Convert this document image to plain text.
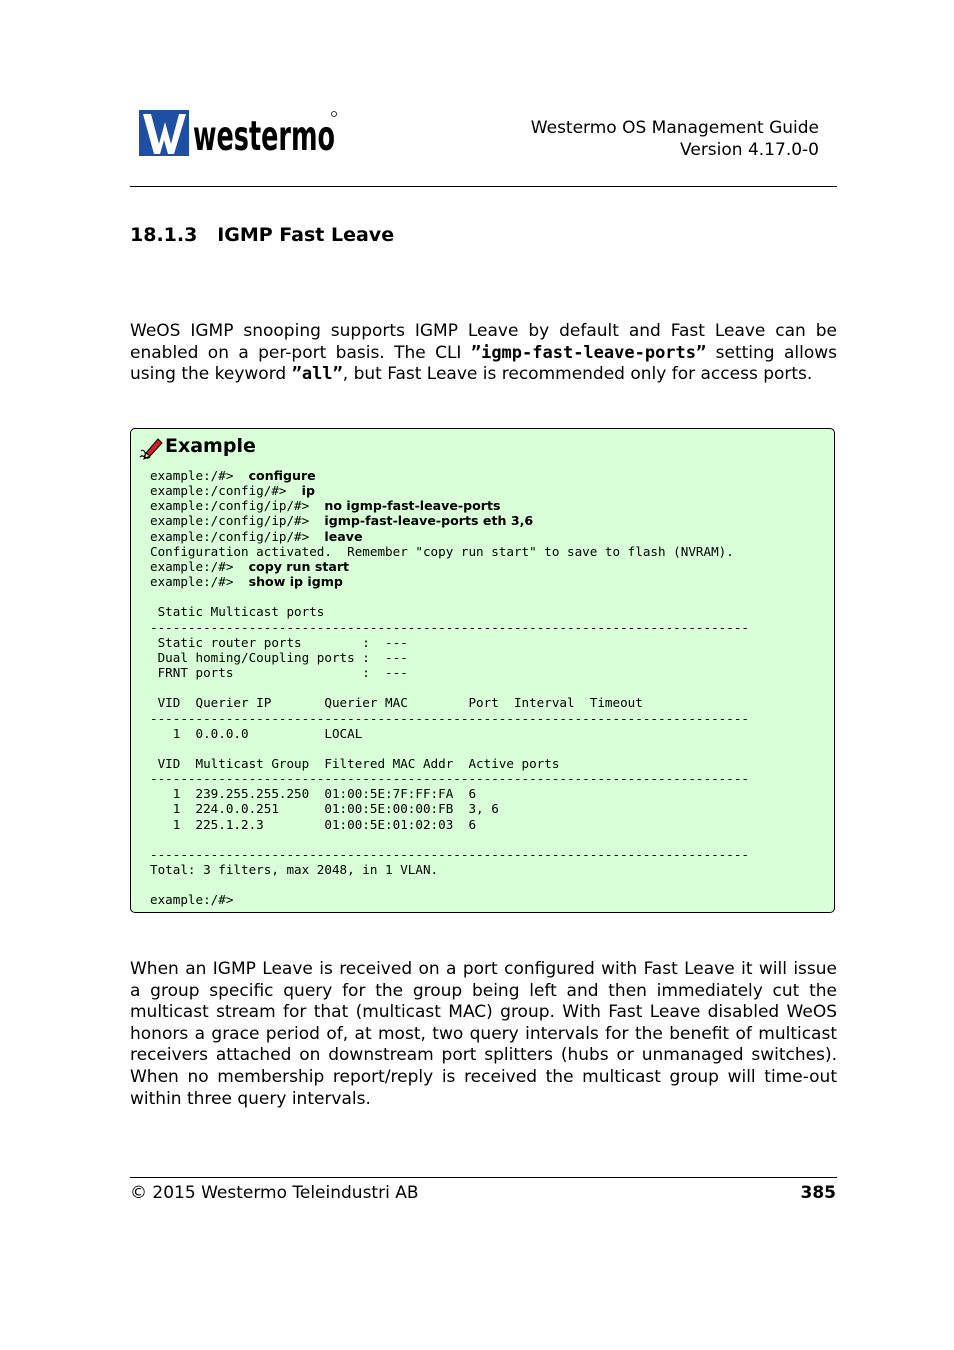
westermo	Westermo OS Management Guide
Version 4.17.0-0
18.1.3 IGMP Fast Leave
WeOS IGMP snooping supports IGMP Leave by default and Fast Leave can be enabled on a per-port basis. The CLI ”igmp-fast-leave-ports” setting allows using the keyword ”all”, but Fast Leave is recommended only for access ports.
Example
example:/#>  configure
example:/config/#>  ip
example:/config/ip/#>  no igmp-fast-leave-ports
example:/config/ip/#>  igmp-fast-leave-ports eth 3,6
example:/config/ip/#>  leave
Configuration activated.  Remember "copy run start" to save to flash (NVRAM).
example:/#>  copy run start
example:/#>  show ip igmp

Static Multicast ports
-------------------------------------------------------------------------------
Static router ports        :  ---
Dual homing/Coupling ports :  ---
FRNT ports                 :  ---

VID  Querier IP       Querier MAC        Port  Interval  Timeout
-------------------------------------------------------------------------------
1  0.0.0.0          LOCAL

VID  Multicast Group  Filtered MAC Addr  Active ports
-------------------------------------------------------------------------------
1  239.255.255.250  01:00:5E:7F:FF:FA  6
1  224.0.0.251      01:00:5E:00:00:FB  3, 6
1  225.1.2.3        01:00:5E:01:02:03  6

-------------------------------------------------------------------------------
Total: 3 filters, max 2048, in 1 VLAN.

example:/#>

When an IGMP Leave is received on a port configured with Fast Leave it will issue a group specific query for the group being left and then immediately cut the multicast stream for that (multicast MAC) group. With Fast Leave disabled WeOS honors a grace period of, at most, two query intervals for the benefit of multicast receivers attached on downstream port splitters (hubs or unmanaged switches). When no membership report/reply is received the multicast group will time-out within three query intervals.
© 2015 Westermo Teleindustri AB	385
